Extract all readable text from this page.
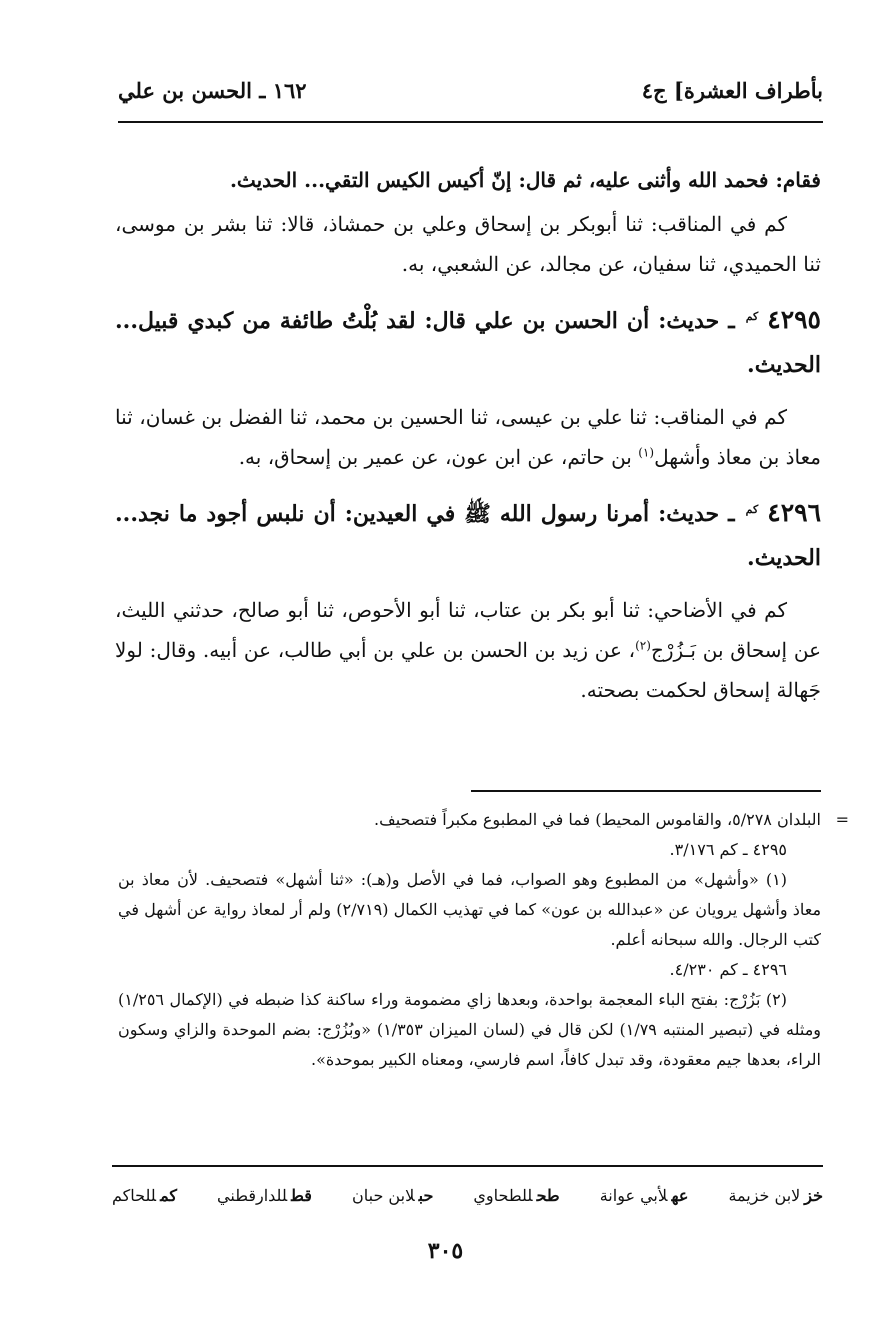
بأطراف العشرة] ج٤
١٦٢ ـ الحسن بن علي

فقام: فحمد الله وأثنى عليه، ثم قال: إنّ أكيس الكيس التقي... الحديث.

كم في المناقب: ثنا أبوبكر بن إسحاق وعلي بن حمشاذ، قالا: ثنا بشر بن موسى، ثنا الحميدي، ثنا سفيان، عن مجالد، عن الشعبي، به.

٤٢٩٥ $^{كم}$ ـ حديث: أن الحسن بن علي قال: لقد بُلْتُ طائفة من كبدي قبيل... الحديث.

كم في المناقب: ثنا علي بن عيسى، ثنا الحسين بن محمد، ثنا الفضل بن غسان، ثنا معاذ بن معاذ وأشهل$^{(١)}$ بن حاتم، عن ابن عون، عن عمير بن إسحاق، به.

٤٢٩٦ $^{كم}$ ـ حديث: أمرنا رسول الله ﷺ في العيدين: أن نلبس أجود ما نجد... الحديث.

كم في الأضاحي: ثنا أبو بكر بن عتاب، ثنا أبو الأحوص، ثنا أبو صالح، حدثني الليث، عن إسحاق بن بَـزُرْج$^{(٢)}$، عن زيد بن الحسن بن علي بن أبي طالب، عن أبيه. وقال: لولا جَهالة إسحاق لحكمت بصحته.

=

البلدان ٥/٢٧٨، والقاموس المحيط) فما في المطبوع مكبراً فتصحيف.

٤٢٩٥ ـ كم ٣/١٧٦.

(١) «وأشهل» من المطبوع وهو الصواب، فما في الأصل و(هـ): «ثنا أشهل» فتصحيف. لأن معاذ بن معاذ وأشهل يرويان عن «عبدالله بن عون» كما في تهذيب الكمال (٢/٧١٩) ولم أر لمعاذ رواية عن أشهل في كتب الرجال. والله سبحانه أعلم.

٤٢٩٦ ـ كم ٤/٢٣٠.

(٢) بَزُرْج: بفتح الباء المعجمة بواحدة، وبعدها زاي مضمومة وراء ساكنة كذا ضبطه في (الإكمال ١/٢٥٦) ومثله في (تبصير المنتبه ١/٧٩) لكن قال في (لسان الميزان ١/٣٥٣) «وبُزُرْج: بضم الموحدة والزاي وسكون الراء، بعدها جيم معقودة، وقد تبدل كافاً، اسم فارسي، ومعناه الكبير بموحدة».

خزلابن خزيمة
عهلأبي عوانة
طحللطحاوي
حبلابن حبان
قطللدارقطني
كمللحاكم
٣٠٥
